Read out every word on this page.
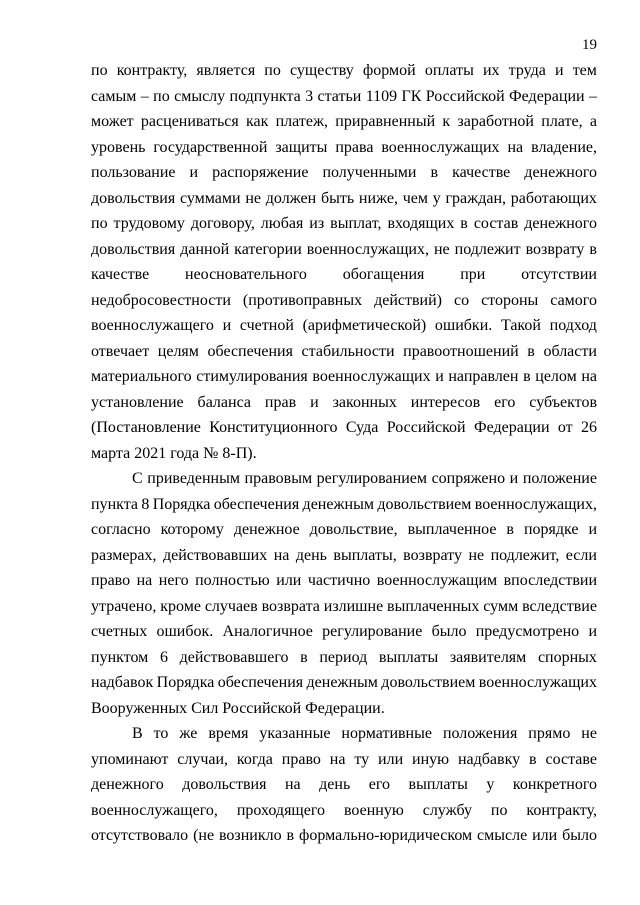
19
по контракту, является по существу формой оплаты их труда и тем
самым – по смыслу подпункта 3 статьи 1109 ГК Российской Федерации –
может расцениваться как платеж, приравненный к заработной плате, а
уровень государственной защиты права военнослужащих на владение,
пользование и распоряжение полученными в качестве денежного
довольствия суммами не должен быть ниже, чем у граждан, работающих
по трудовому договору, любая из выплат, входящих в состав денежного
довольствия данной категории военнослужащих, не подлежит возврату в
качестве неосновательного обогащения при отсутствии
недобросовестности (противоправных действий) со стороны самого
военнослужащего и счетной (арифметической) ошибки. Такой подход
отвечает целям обеспечения стабильности правоотношений в области
материального стимулирования военнослужащих и направлен в целом на
установление баланса прав и законных интересов его субъектов
(Постановление Конституционного Суда Российской Федерации от 26
марта 2021 года № 8-П).
С приведенным правовым регулированием сопряжено и положение
пункта 8 Порядка обеспечения денежным довольствием военнослужащих,
согласно которому денежное довольствие, выплаченное в порядке и
размерах, действовавших на день выплаты, возврату не подлежит, если
право на него полностью или частично военнослужащим впоследствии
утрачено, кроме случаев возврата излишне выплаченных сумм вследствие
счетных ошибок. Аналогичное регулирование было предусмотрено и
пунктом 6 действовавшего в период выплаты заявителям спорных
надбавок Порядка обеспечения денежным довольствием военнослужащих
Вооруженных Сил Российской Федерации.
В то же время указанные нормативные положения прямо не
упоминают случаи, когда право на ту или иную надбавку в составе
денежного довольствия на день его выплаты у конкретного
военнослужащего, проходящего военную службу по контракту,
отсутствовало (не возникло в формально-юридическом смысле или было
